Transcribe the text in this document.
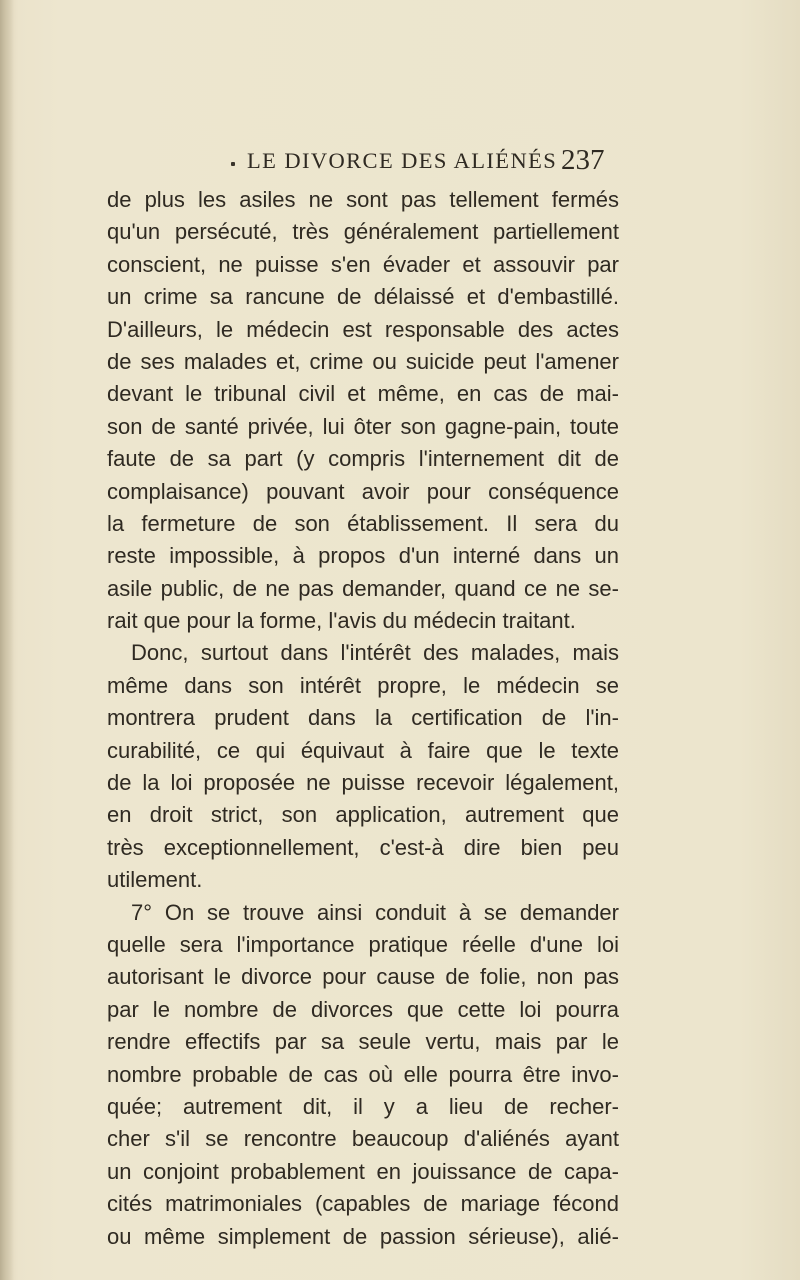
LE DIVORCE DES ALIÉNÉS 237
de plus les asiles ne sont pas tellement fermés
qu'un persécuté, très généralement partiellement
conscient, ne puisse s'en évader et assouvir par
un crime sa rancune de délaissé et d'embastillé.
D'ailleurs, le médecin est responsable des actes
de ses malades et, crime ou suicide peut l'amener
devant le tribunal civil et même, en cas de mai-
son de santé privée, lui ôter son gagne-pain, toute
faute de sa part (y compris l'internement dit de
complaisance) pouvant avoir pour conséquence
la fermeture de son établissement. Il sera du
reste impossible, à propos d'un interné dans un
asile public, de ne pas demander, quand ce ne se-
rait que pour la forme, l'avis du médecin traitant.
Donc, surtout dans l'intérêt des malades, mais
même dans son intérêt propre, le médecin se
montrera prudent dans la certification de l'in-
curabilité, ce qui équivaut à faire que le texte
de la loi proposée ne puisse recevoir légalement,
en droit strict, son application, autrement que
très exceptionnellement, c'est-à dire bien peu
utilement.
7° On se trouve ainsi conduit à se demander
quelle sera l'importance pratique réelle d'une loi
autorisant le divorce pour cause de folie, non pas
par le nombre de divorces que cette loi pourra
rendre effectifs par sa seule vertu, mais par le
nombre probable de cas où elle pourra être invo-
quée; autrement dit, il y a lieu de recher-
cher s'il se rencontre beaucoup d'aliénés ayant
un conjoint probablement en jouissance de capa-
cités matrimoniales (capables de mariage fécond
ou même simplement de passion sérieuse), alié-
